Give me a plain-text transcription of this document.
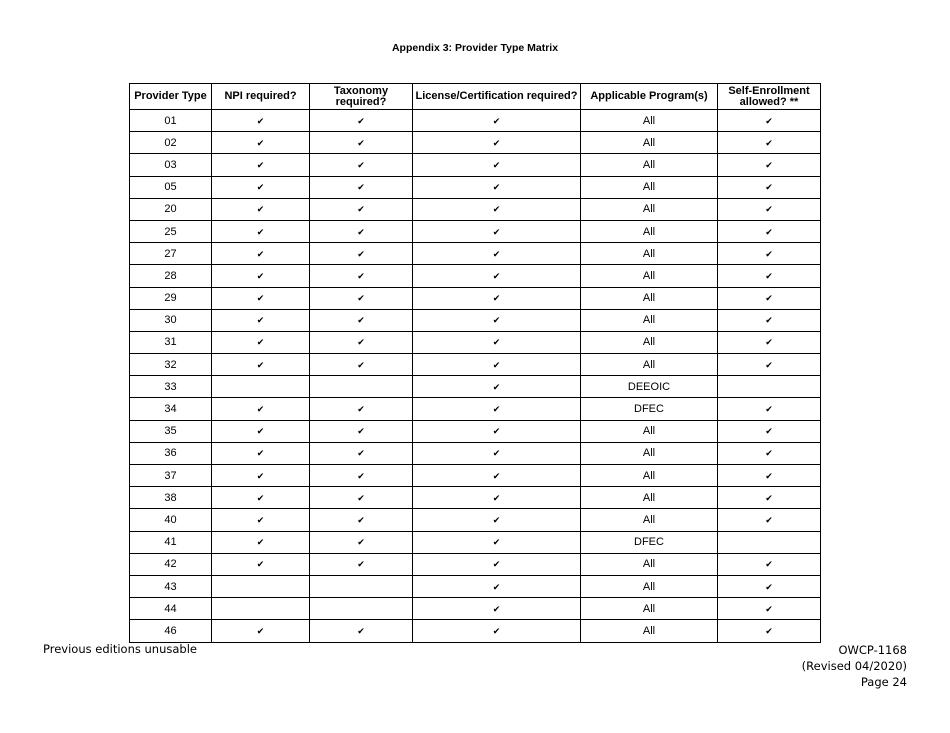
Appendix 3: Provider Type Matrix
Provider Type	NPI required?	Taxonomy required?	License/Certification required?	Applicable Program(s)	Self-Enrollment allowed? **
01	✔	✔	✔	All	✔
02	✔	✔	✔	All	✔
03	✔	✔	✔	All	✔
05	✔	✔	✔	All	✔
20	✔	✔	✔	All	✔
25	✔	✔	✔	All	✔
27	✔	✔	✔	All	✔
28	✔	✔	✔	All	✔
29	✔	✔	✔	All	✔
30	✔	✔	✔	All	✔
31	✔	✔	✔	All	✔
32	✔	✔	✔	All	✔
33			✔	DEEOIC	
34	✔	✔	✔	DFEC	✔
35	✔	✔	✔	All	✔
36	✔	✔	✔	All	✔
37	✔	✔	✔	All	✔
38	✔	✔	✔	All	✔
40	✔	✔	✔	All	✔
41	✔	✔	✔	DFEC	
42	✔	✔	✔	All	✔
43			✔	All	✔
44			✔	All	✔
46	✔	✔	✔	All	✔
Previous editions unusable	OWCP-1168
(Revised 04/2020)
Page 24
